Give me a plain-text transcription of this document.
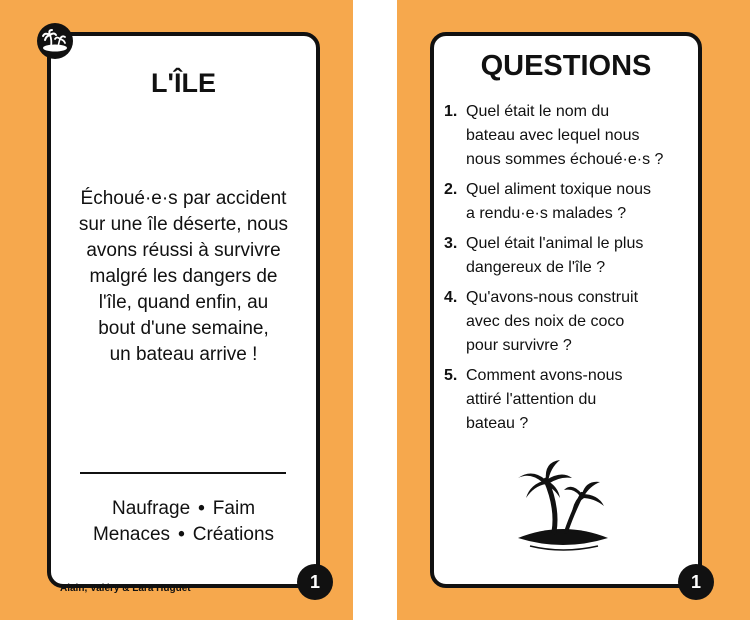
L'ÎLE
Échoué·e·s par accident
sur une île déserte, nous
avons réussi à survivre
malgré les dangers de
l'île, quand enfin, au
bout d'une semaine,
un bateau arrive !
Naufrage • Faim
Menaces • Créations
Alain, Valéry & Lara Huguet	1
QUESTIONS
1. Quel était le nom du
bateau avec lequel nous
nous sommes échoué·e·s ?
2. Quel aliment toxique nous
a rendu·e·s malades ?
3. Quel était l'animal le plus
dangereux de l'île ?
4. Qu'avons-nous construit
avec des noix de coco
pour survivre ?
5. Comment avons-nous
attiré l'attention du
bateau ?
1
